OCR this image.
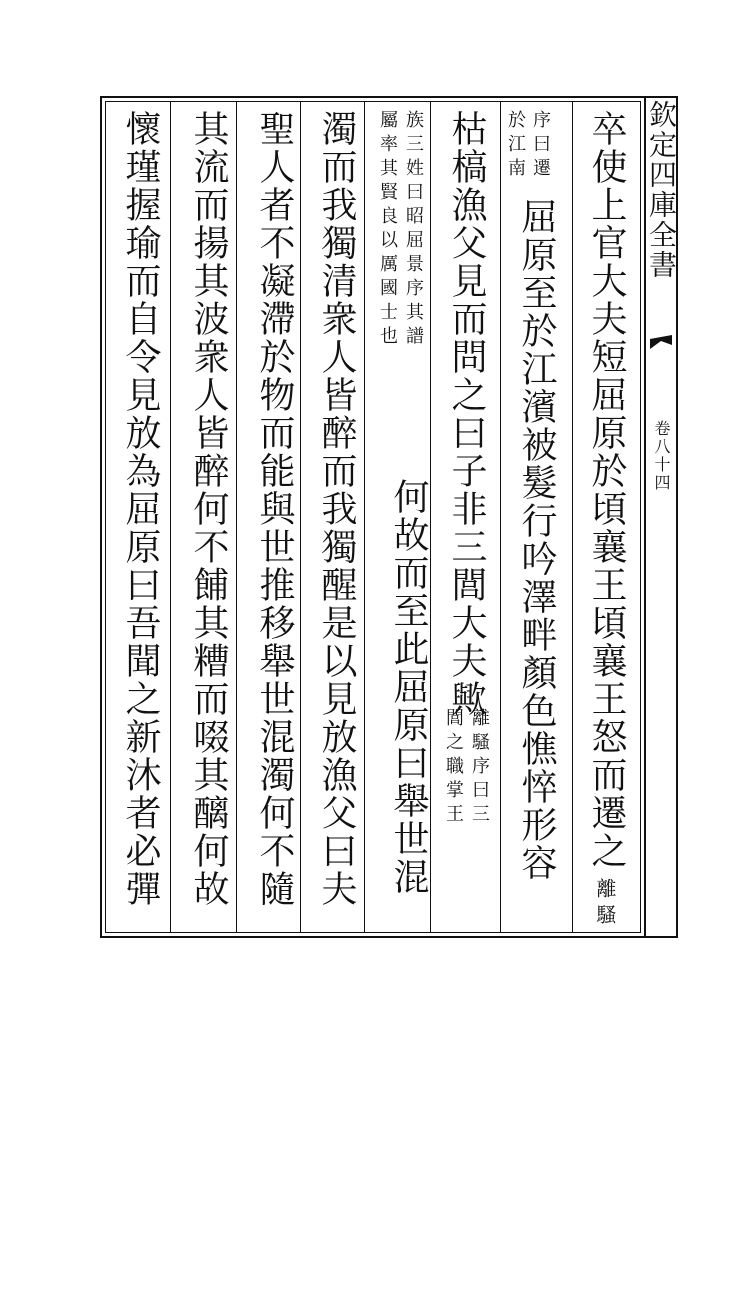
卒使上官大夫短屈原於頃襄王頃襄王怒而遷之
離騷
序曰遷
於江南
屈原至於江濱被髮行吟澤畔顏色憔悴形容
枯槁漁父見而問之曰子非三閭大夫歟
離騷序曰三
閭之職掌王
族三姓曰昭屈景序其譜
屬率其賢良以厲國士也
何故而至此屈原曰舉世混
濁而我獨清衆人皆醉而我獨醒是以見放漁父曰夫
聖人者不凝滯於物而能與世推移舉世混濁何不隨
其流而揚其波衆人皆醉何不餔其糟而啜其醨何故
懷瑾握瑜而自令見放為屈原曰吾聞之新沐者必彈	欽定四庫全書
卷八十四
